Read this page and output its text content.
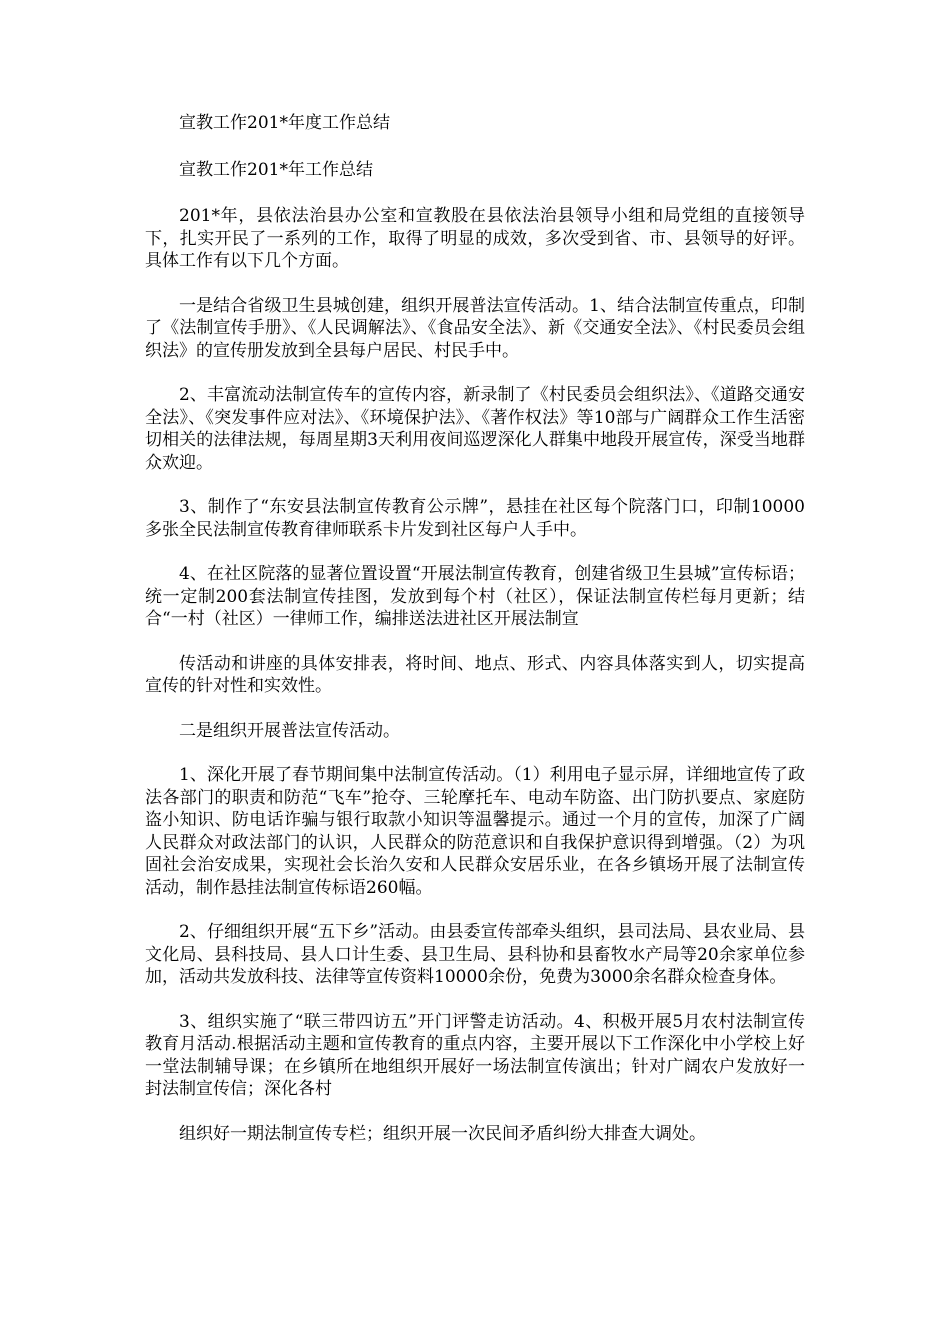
宣教工作201*年度工作总结

宣教工作201*年工作总结

201*年，县依法治县办公室和宣教股在县依法治县领导小组和局党组的直接领导下，扎实开民了一系列的工作，取得了明显的成效，多次受到省、市、县领导的好评。具体工作有以下几个方面。

一是结合省级卫生县城创建，组织开展普法宣传活动。1、结合法制宣传重点，印制了《法制宣传手册》、《人民调解法》、《食品安全法》、新《交通安全法》、《村民委员会组织法》的宣传册发放到全县每户居民、村民手中。

2、丰富流动法制宣传车的宣传内容，新录制了《村民委员会组织法》、《道路交通安全法》、《突发事件应对法》、《环境保护法》、《著作权法》等10部与广阔群众工作生活密切相关的法律法规，每周星期3天利用夜间巡逻深化人群集中地段开展宣传，深受当地群众欢迎。

3、制作了“东安县法制宣传教育公示牌”，悬挂在社区每个院落门口，印制10000多张全民法制宣传教育律师联系卡片发到社区每户人手中。

4、在社区院落的显著位置设置“开展法制宣传教育，创建省级卫生县城”宣传标语；统一定制200套法制宣传挂图，发放到每个村（社区），保证法制宣传栏每月更新；结合“一村（社区）一律师工作，编排送法进社区开展法制宣

传活动和讲座的具体安排表，将时间、地点、形式、内容具体落实到人，切实提高宣传的针对性和实效性。

二是组织开展普法宣传活动。

1、深化开展了春节期间集中法制宣传活动。（1）利用电子显示屏，详细地宣传了政法各部门的职责和防范“飞车”抢夺、三轮摩托车、电动车防盗、出门防扒要点、家庭防盗小知识、防电话诈骗与银行取款小知识等温馨提示。通过一个月的宣传，加深了广阔人民群众对政法部门的认识，人民群众的防范意识和自我保护意识得到增强。（2）为巩固社会治安成果，实现社会长治久安和人民群众安居乐业，在各乡镇场开展了法制宣传活动，制作悬挂法制宣传标语260幅。

2、仔细组织开展“五下乡”活动。由县委宣传部牵头组织，县司法局、县农业局、县文化局、县科技局、县人口计生委、县卫生局、县科协和县畜牧水产局等20余家单位参加，活动共发放科技、法律等宣传资料10000余份，免费为3000余名群众检查身体。

3、组织实施了“联三带四访五”开门评警走访活动。4、积极开展5月农村法制宣传教育月活动.根据活动主题和宣传教育的重点内容，主要开展以下工作深化中小学校上好一堂法制辅导课；在乡镇所在地组织开展好一场法制宣传演出；针对广阔农户发放好一封法制宣传信；深化各村

组织好一期法制宣传专栏；组织开展一次民间矛盾纠纷大排查大调处。
